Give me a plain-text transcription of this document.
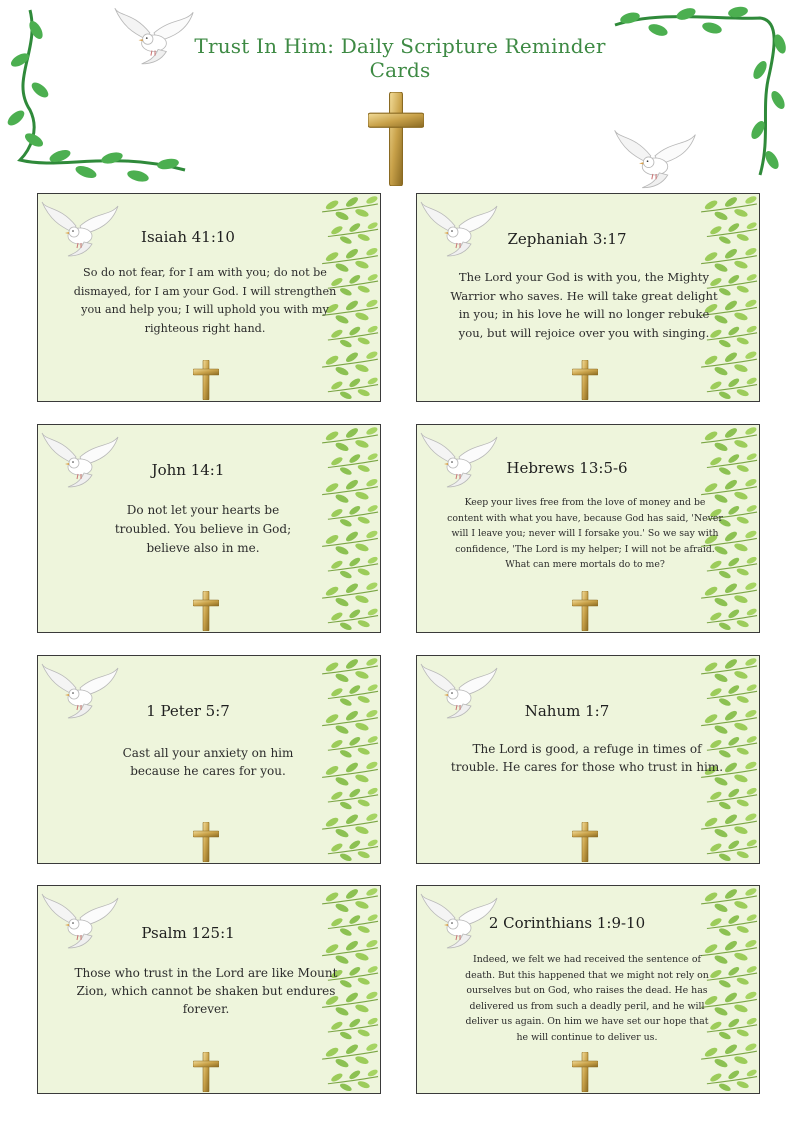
Trust In Him: Daily Scripture Reminder Cards
Isaiah 41:10
So do not fear, for I am with you; do not be dismayed, for I am your God. I will strengthen you and help you; I will uphold you with my righteous right hand.
Zephaniah 3:17
The Lord your God is with you, the Mighty Warrior who saves. He will take great delight in you; in his love he will no longer rebuke you, but will rejoice over you with singing.
John 14:1
Do not let your hearts be troubled. You believe in God; believe also in me.
Hebrews 13:5-6
Keep your lives free from the love of money and be content with what you have, because God has said, 'Never will I leave you; never will I forsake you.' So we say with confidence, 'The Lord is my helper; I will not be afraid. What can mere mortals do to me?
1 Peter 5:7
Cast all your anxiety on him because he cares for you.
Nahum 1:7
The Lord is good, a refuge in times of trouble. He cares for those who trust in him.
Psalm 125:1
Those who trust in the Lord are like Mount Zion, which cannot be shaken but endures forever.
2 Corinthians 1:9-10
Indeed, we felt we had received the sentence of death. But this happened that we might not rely on ourselves but on God, who raises the dead. He has delivered us from such a deadly peril, and he will deliver us again. On him we have set our hope that he will continue to deliver us.
